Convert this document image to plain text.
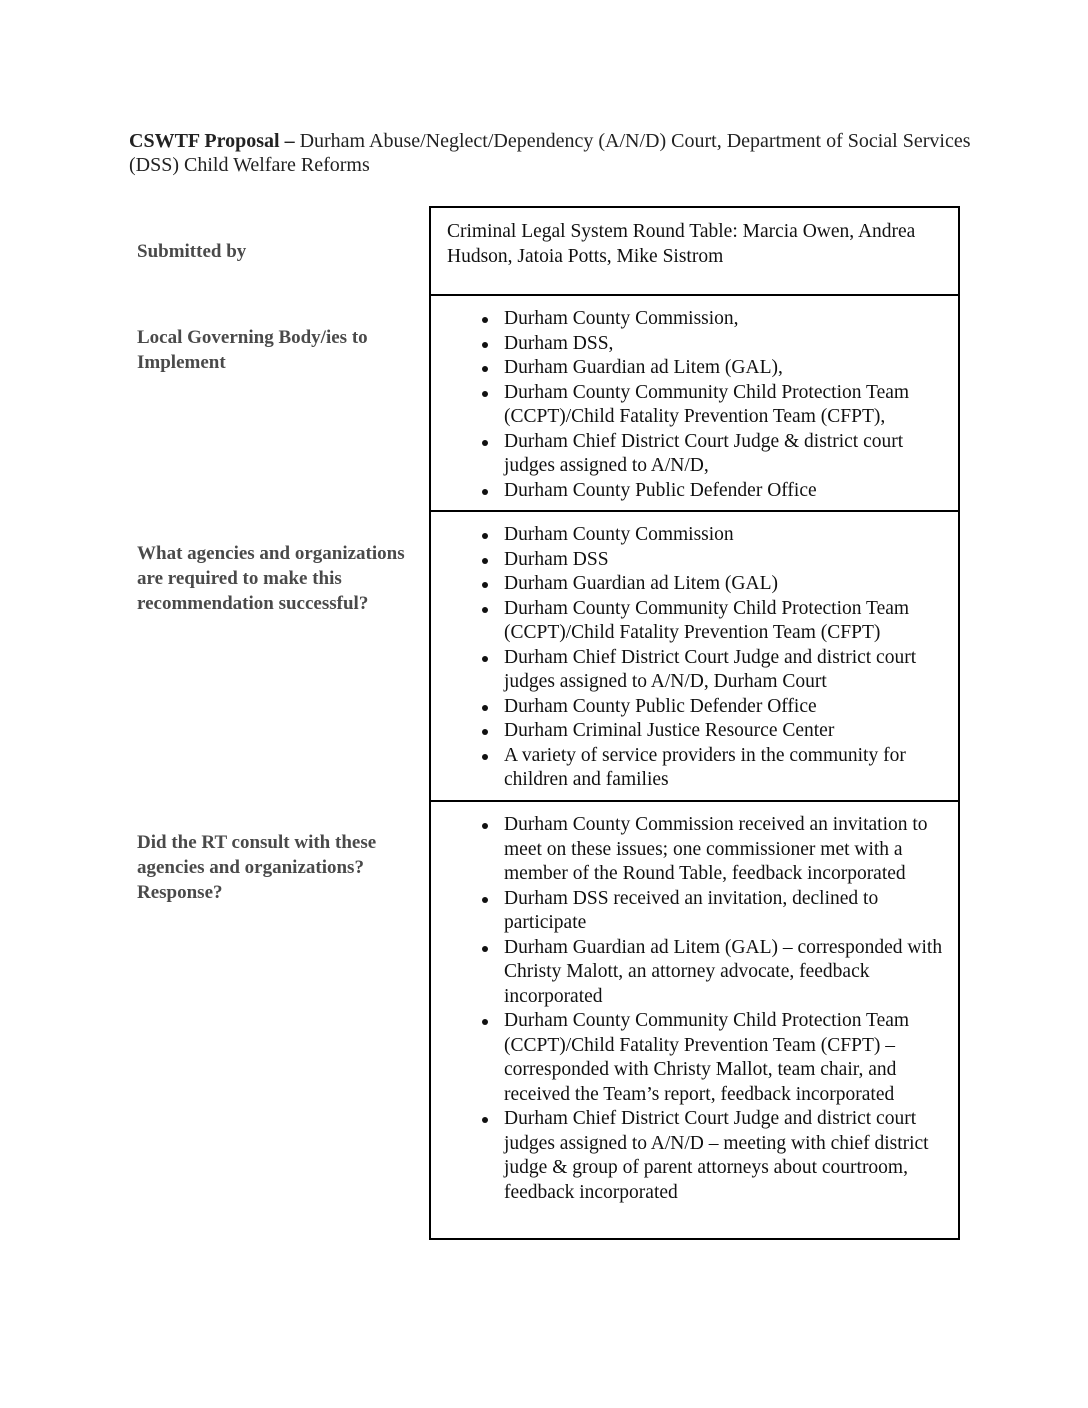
CSWTF Proposal – Durham Abuse/Neglect/Dependency (A/N/D) Court, Department of Social Services (DSS) Child Welfare Reforms
Submitted by
Local Governing Body/ies to Implement
What agencies and organizations are required to make this recommendation successful?
Did the RT consult with these agencies and organizations? Response?
Criminal Legal System Round Table: Marcia Owen, Andrea Hudson, Jatoia Potts, Mike Sistrom
Durham County Commission,
Durham DSS,
Durham Guardian ad Litem (GAL),
Durham County Community Child Protection Team (CCPT)/Child Fatality Prevention Team (CFPT),
Durham Chief District Court Judge & district court judges assigned to A/N/D,
Durham County Public Defender Office
Durham County Commission
Durham DSS
Durham Guardian ad Litem (GAL)
Durham County Community Child Protection Team (CCPT)/Child Fatality Prevention Team (CFPT)
Durham Chief District Court Judge and district court judges assigned to A/N/D, Durham Court
Durham County Public Defender Office
Durham Criminal Justice Resource Center
A variety of service providers in the community for children and families
Durham County Commission received an invitation to meet on these issues; one commissioner met with a member of the Round Table, feedback incorporated
Durham DSS received an invitation, declined to participate
Durham Guardian ad Litem (GAL) – corresponded with Christy Malott, an attorney advocate, feedback incorporated
Durham County Community Child Protection Team (CCPT)/Child Fatality Prevention Team (CFPT) – corresponded with Christy Mallot, team chair, and received the Team’s report, feedback incorporated
Durham Chief District Court Judge and district court judges assigned to A/N/D – meeting with chief district judge & group of parent attorneys about courtroom, feedback incorporated
